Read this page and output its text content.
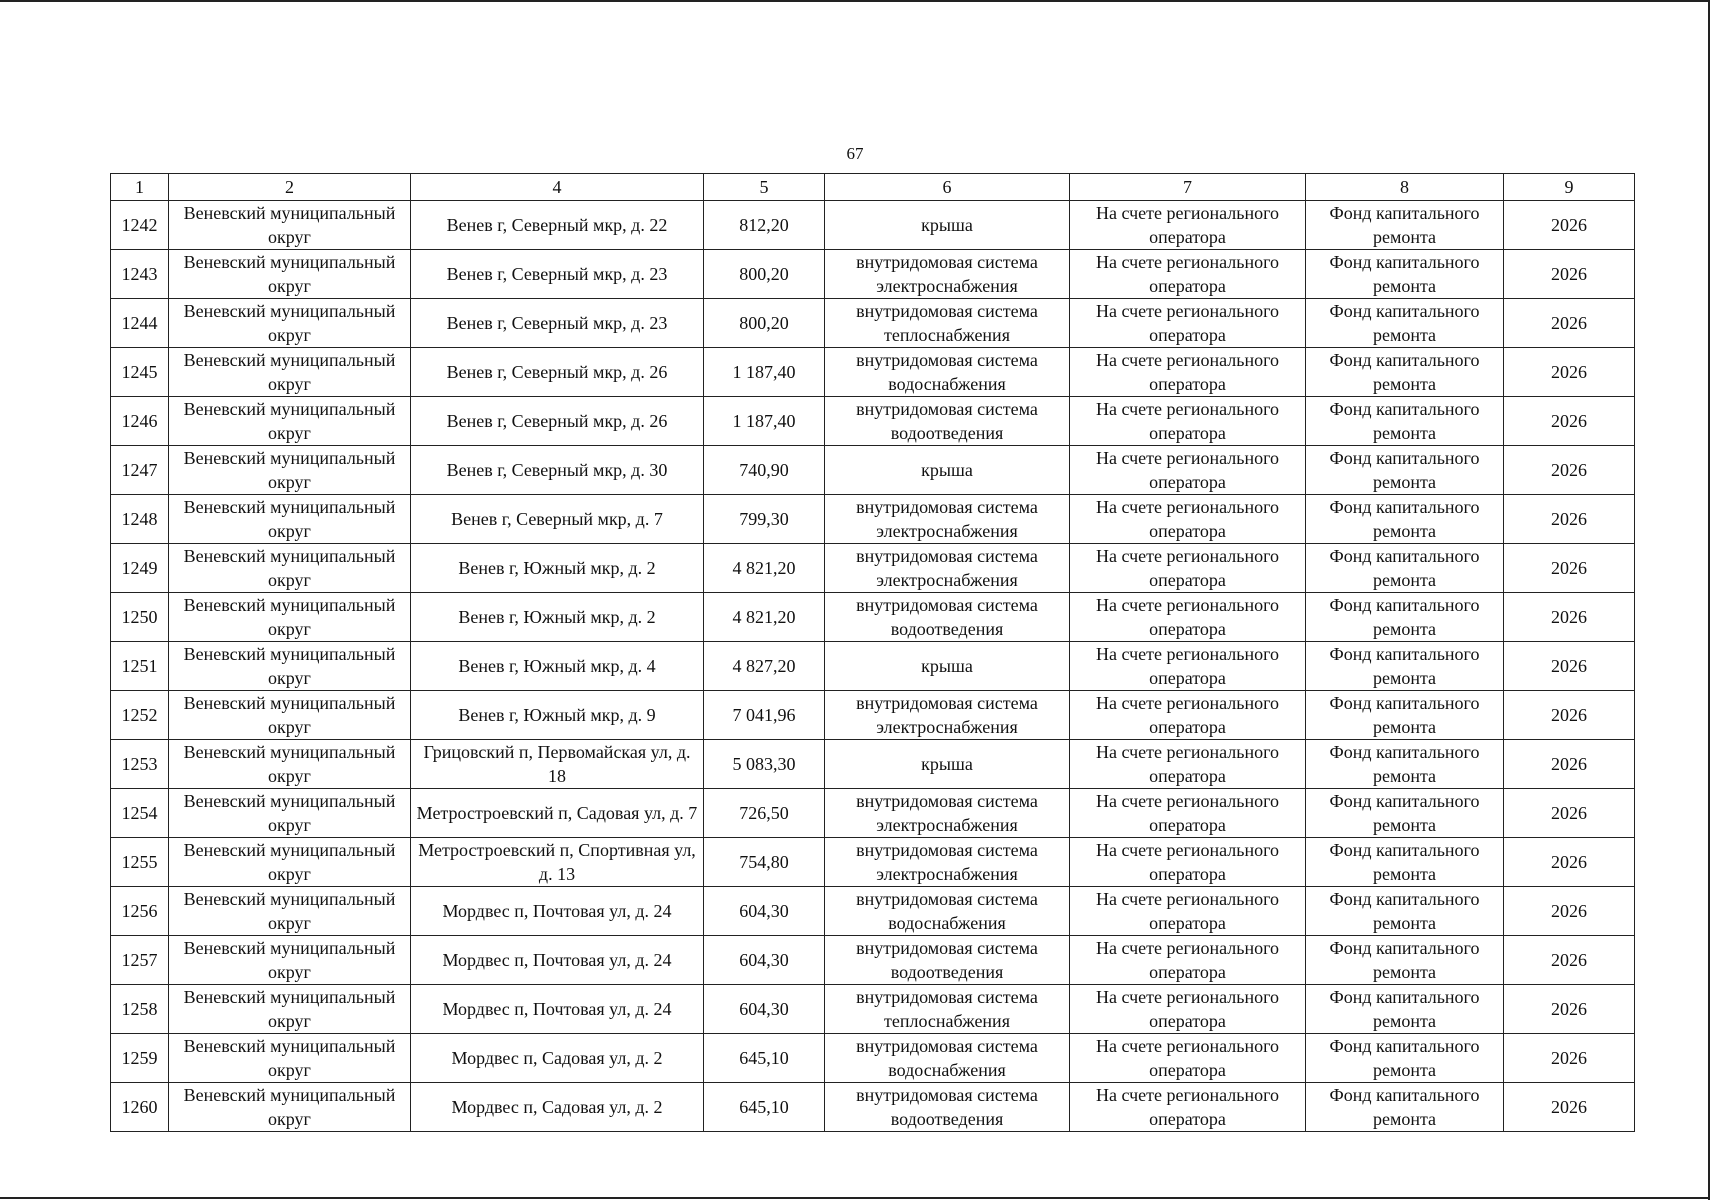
67
1	2	4	5	6	7	8	9
1242	Веневский муниципальный округ	Венев г, Северный мкр, д. 22	812,20	крыша	На счете регионального оператора	Фонд капитального ремонта	2026
1243	Веневский муниципальный округ	Венев г, Северный мкр, д. 23	800,20	внутридомовая система электроснабжения	На счете регионального оператора	Фонд капитального ремонта	2026
1244	Веневский муниципальный округ	Венев г, Северный мкр, д. 23	800,20	внутридомовая система теплоснабжения	На счете регионального оператора	Фонд капитального ремонта	2026
1245	Веневский муниципальный округ	Венев г, Северный мкр, д. 26	1 187,40	внутридомовая система водоснабжения	На счете регионального оператора	Фонд капитального ремонта	2026
1246	Веневский муниципальный округ	Венев г, Северный мкр, д. 26	1 187,40	внутридомовая система водоотведения	На счете регионального оператора	Фонд капитального ремонта	2026
1247	Веневский муниципальный округ	Венев г, Северный мкр, д. 30	740,90	крыша	На счете регионального оператора	Фонд капитального ремонта	2026
1248	Веневский муниципальный округ	Венев г, Северный мкр, д. 7	799,30	внутридомовая система электроснабжения	На счете регионального оператора	Фонд капитального ремонта	2026
1249	Веневский муниципальный округ	Венев г, Южный мкр, д. 2	4 821,20	внутридомовая система электроснабжения	На счете регионального оператора	Фонд капитального ремонта	2026
1250	Веневский муниципальный округ	Венев г, Южный мкр, д. 2	4 821,20	внутридомовая система водоотведения	На счете регионального оператора	Фонд капитального ремонта	2026
1251	Веневский муниципальный округ	Венев г, Южный мкр, д. 4	4 827,20	крыша	На счете регионального оператора	Фонд капитального ремонта	2026
1252	Веневский муниципальный округ	Венев г, Южный мкр, д. 9	7 041,96	внутридомовая система электроснабжения	На счете регионального оператора	Фонд капитального ремонта	2026
1253	Веневский муниципальный округ	Грицовский п, Первомайская ул, д. 18	5 083,30	крыша	На счете регионального оператора	Фонд капитального ремонта	2026
1254	Веневский муниципальный округ	Метростроевский п, Садовая ул, д. 7	726,50	внутридомовая система электроснабжения	На счете регионального оператора	Фонд капитального ремонта	2026
1255	Веневский муниципальный округ	Метростроевский п, Спортивная ул, д. 13	754,80	внутридомовая система электроснабжения	На счете регионального оператора	Фонд капитального ремонта	2026
1256	Веневский муниципальный округ	Мордвес п, Почтовая ул, д. 24	604,30	внутридомовая система водоснабжения	На счете регионального оператора	Фонд капитального ремонта	2026
1257	Веневский муниципальный округ	Мордвес п, Почтовая ул, д. 24	604,30	внутридомовая система водоотведения	На счете регионального оператора	Фонд капитального ремонта	2026
1258	Веневский муниципальный округ	Мордвес п, Почтовая ул, д. 24	604,30	внутридомовая система теплоснабжения	На счете регионального оператора	Фонд капитального ремонта	2026
1259	Веневский муниципальный округ	Мордвес п, Садовая ул, д. 2	645,10	внутридомовая система водоснабжения	На счете регионального оператора	Фонд капитального ремонта	2026
1260	Веневский муниципальный округ	Мордвес п, Садовая ул, д. 2	645,10	внутридомовая система водоотведения	На счете регионального оператора	Фонд капитального ремонта	2026
